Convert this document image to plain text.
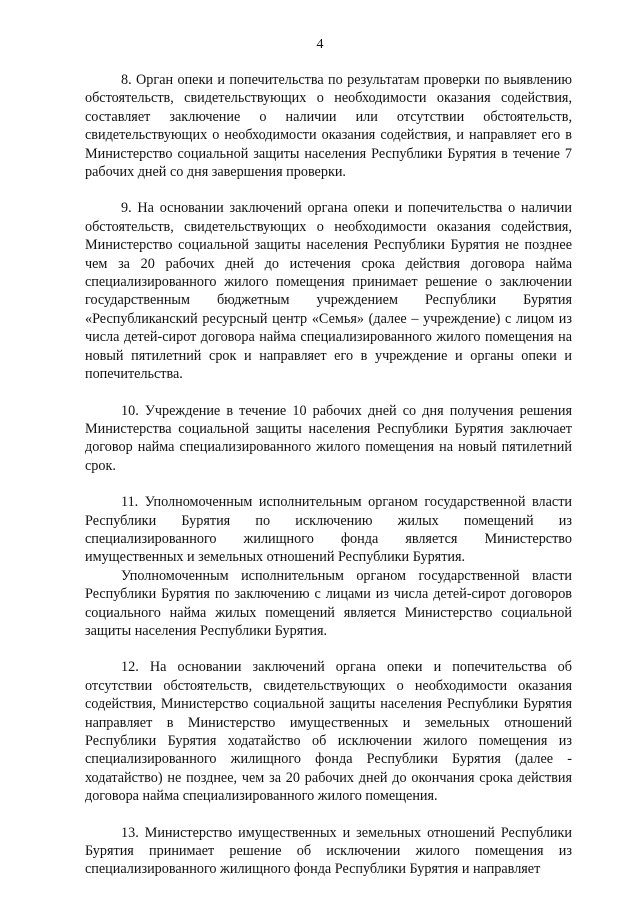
4

8. Орган опеки и попечительства по результатам проверки по выявлению обстоятельств, свидетельствующих о необходимости оказания содействия, составляет заключение о наличии или отсутствии обстоятельств, свидетельствующих о необходимости оказания содействия, и направляет его в Министерство социальной защиты населения Республики Бурятия в течение 7 рабочих дней со дня завершения проверки.

9. На основании заключений органа опеки и попечительства о наличии обстоятельств, свидетельствующих о необходимости оказания содействия, Министерство социальной защиты населения Республики Бурятия не позднее чем за 20 рабочих дней до истечения срока действия договора найма специализированного жилого помещения принимает решение о заключении государственным бюджетным учреждением Республики Бурятия «Республиканский ресурсный центр «Семья» (далее – учреждение) с лицом из числа детей-сирот договора найма специализированного жилого помещения на новый пятилетний срок и направляет его в учреждение и органы опеки и попечительства.

10. Учреждение в течение 10 рабочих дней со дня получения решения Министерства социальной защиты населения Республики Бурятия заключает договор найма специализированного жилого помещения на новый пятилетний срок.

11. Уполномоченным исполнительным органом государственной власти Республики Бурятия по исключению жилых помещений из специализированного жилищного фонда является Министерство имущественных и земельных отношений Республики Бурятия.

Уполномоченным исполнительным органом государственной власти Республики Бурятия по заключению с лицами из числа детей-сирот договоров социального найма жилых помещений является Министерство социальной защиты населения Республики Бурятия.

12. На основании заключений органа опеки и попечительства об отсутствии обстоятельств, свидетельствующих о необходимости оказания содействия, Министерство социальной защиты населения Республики Бурятия направляет в Министерство имущественных и земельных отношений Республики Бурятия ходатайство об исключении жилого помещения из специализированного жилищного фонда Республики Бурятия (далее - ходатайство) не позднее, чем за 20 рабочих дней до окончания срока действия договора найма специализированного жилого помещения.

13. Министерство имущественных и земельных отношений Республики Бурятия принимает решение об исключении жилого помещения из специализированного жилищного фонда Республики Бурятия и направляет
